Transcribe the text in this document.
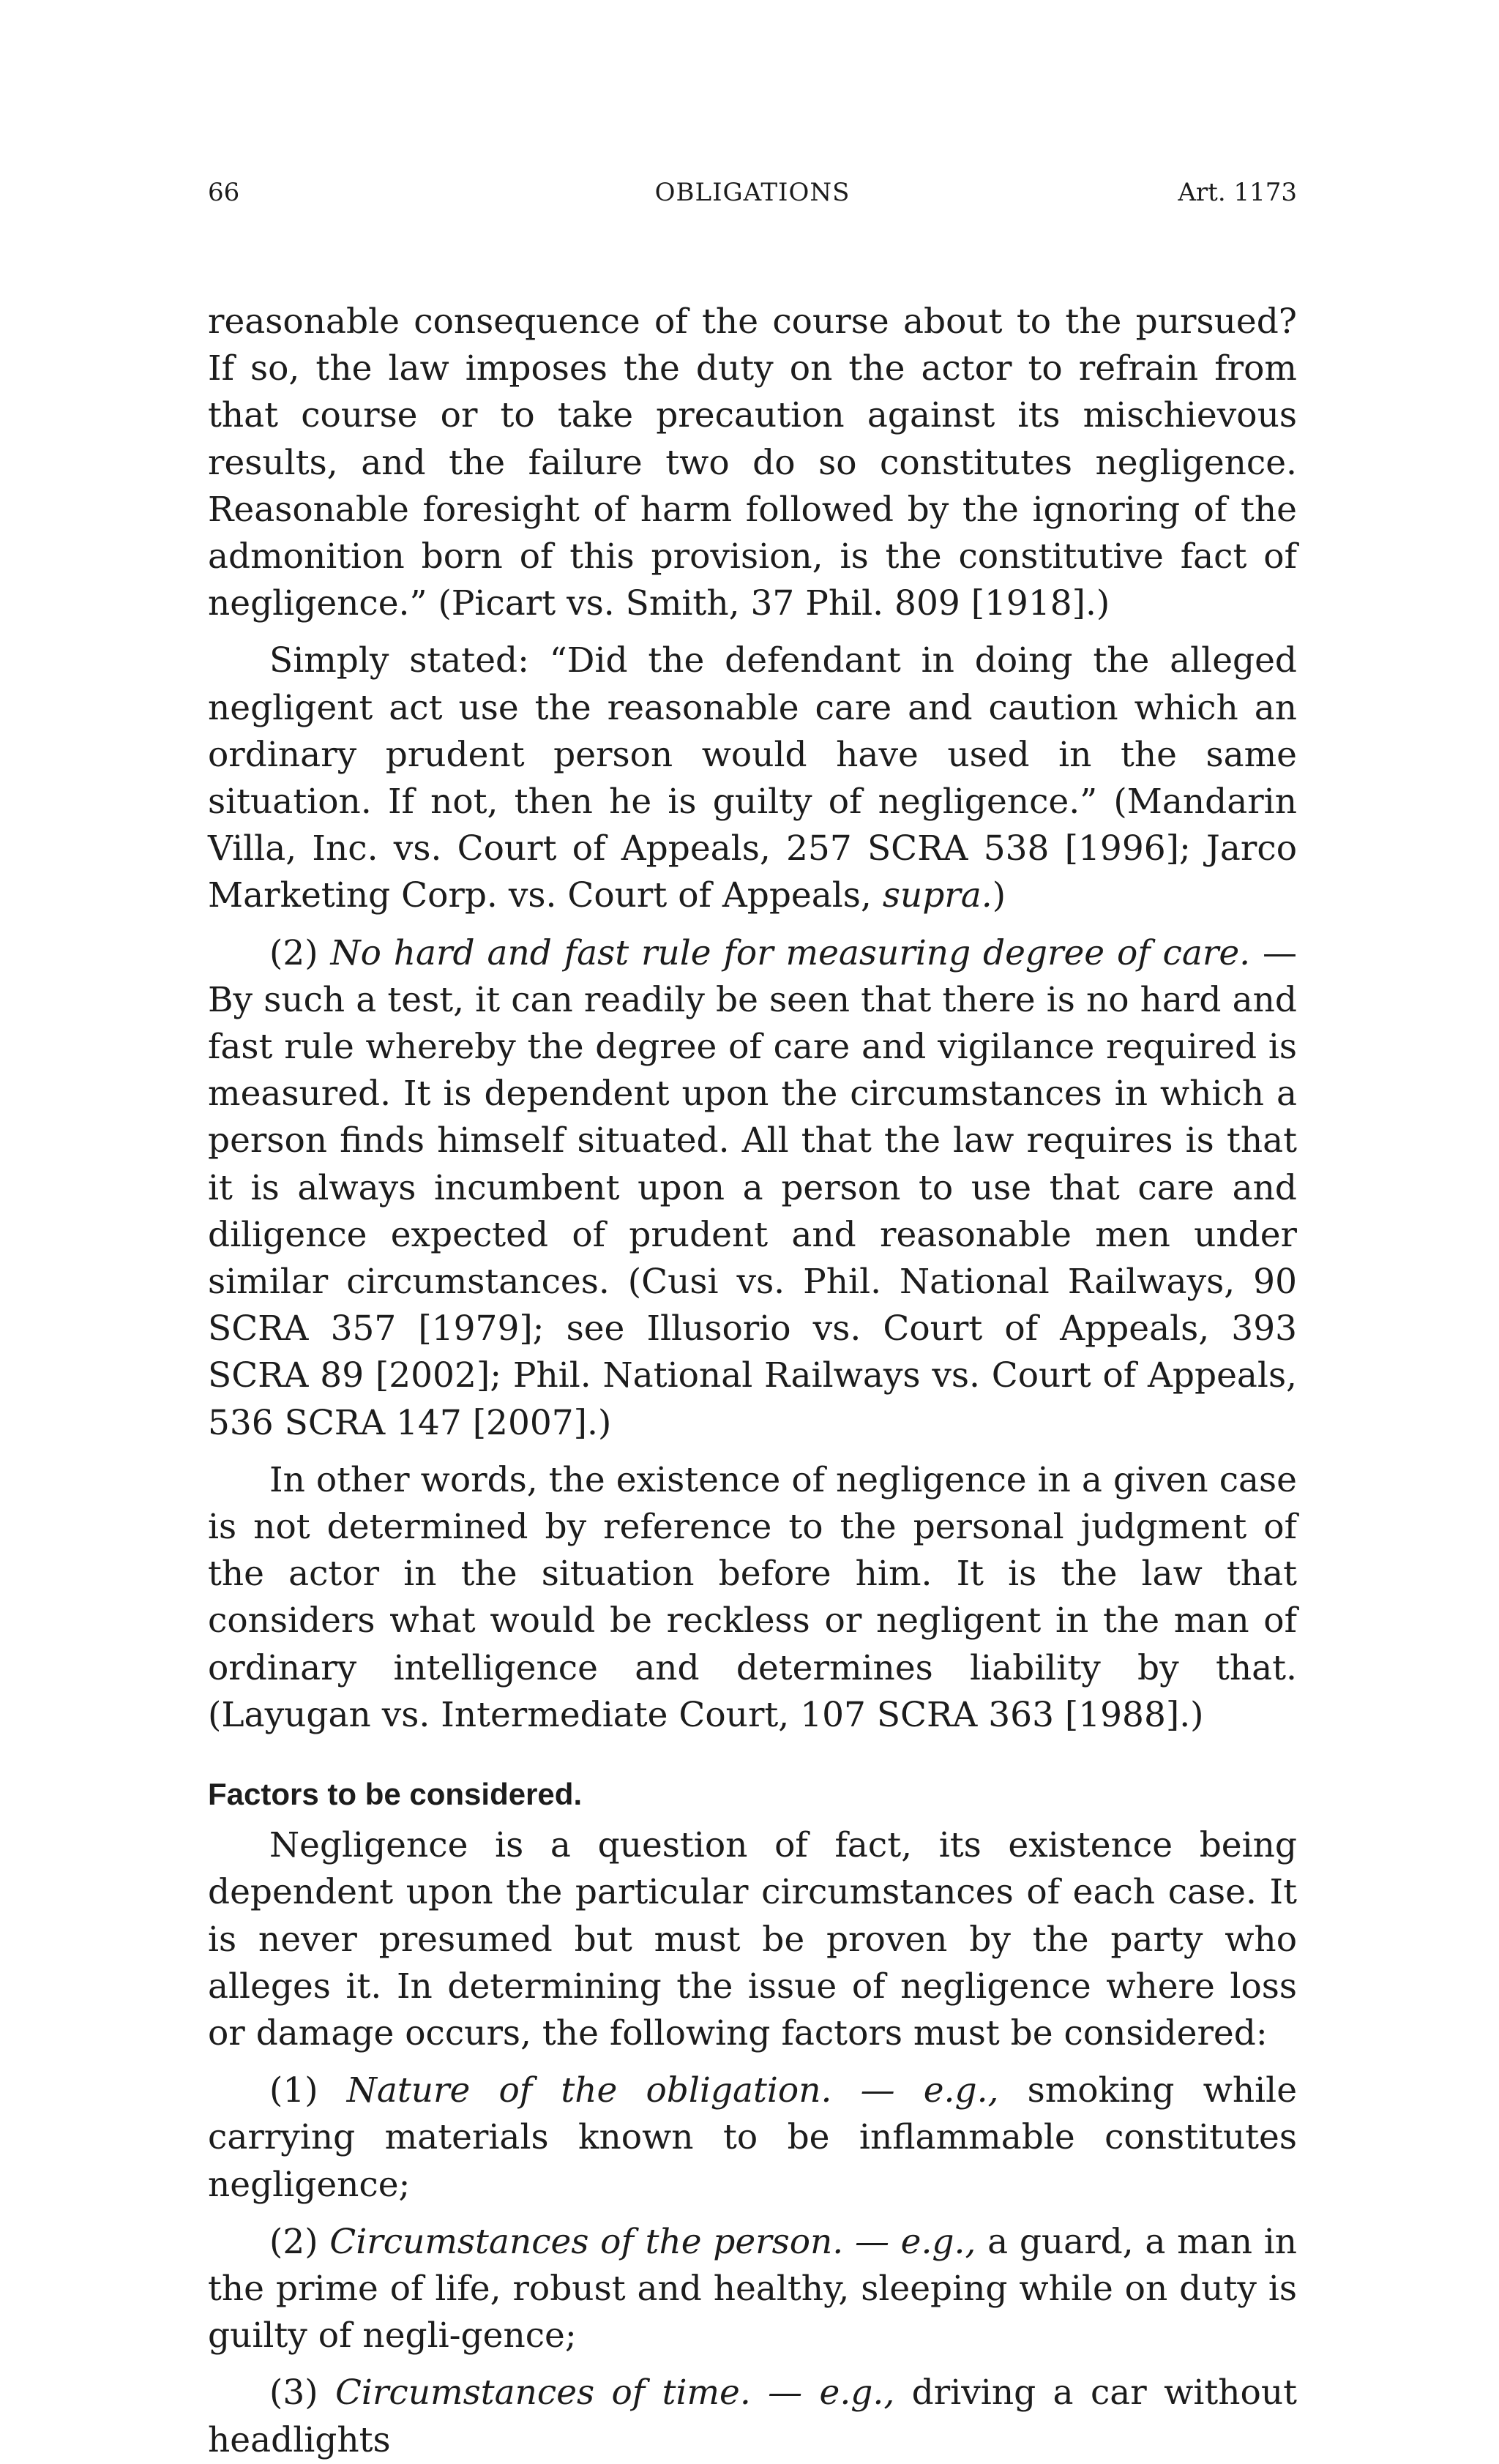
66	OBLIGATIONS	Art. 1173

reasonable consequence of the course about to the pursued? If so, the law imposes the duty on the actor to refrain from that course or to take precaution against its mischievous results, and the failure two do so constitutes negligence. Reasonable foresight of harm followed by the ignoring of the admonition born of this provision, is the constitutive fact of negligence.” (Picart vs. Smith, 37 Phil. 809 [1918].)

Simply stated: “Did the defendant in doing the alleged negligent act use the reasonable care and caution which an ordinary prudent person would have used in the same situation. If not, then he is guilty of negligence.” (Mandarin Villa, Inc. vs. Court of Appeals, 257 SCRA 538 [1996]; Jarco Marketing Corp. vs. Court of Appeals, supra.)

(2) No hard and fast rule for measuring degree of care. — By such a test, it can readily be seen that there is no hard and fast rule whereby the degree of care and vigilance required is measured. It is dependent upon the circumstances in which a person finds himself situated. All that the law requires is that it is always incumbent upon a person to use that care and diligence expected of prudent and reasonable men under similar circumstances. (Cusi vs. Phil. National Railways, 90 SCRA 357 [1979]; see Illusorio vs. Court of Appeals, 393 SCRA 89 [2002]; Phil. National Railways vs. Court of Appeals, 536 SCRA 147 [2007].)

In other words, the existence of negligence in a given case is not determined by reference to the personal judgment of the actor in the situation before him. It is the law that considers what would be reckless or negligent in the man of ordinary intelligence and determines liability by that. (Layugan vs. Intermediate Court, 107 SCRA 363 [1988].)

Factors to be considered.

Negligence is a question of fact, its existence being dependent upon the particular circumstances of each case. It is never presumed but must be proven by the party who alleges it. In determining the issue of negligence where loss or damage occurs, the following factors must be considered:

(1) Nature of the obligation. — e.g., smoking while carrying materials known to be inflammable constitutes negligence;

(2) Circumstances of the person. — e.g., a guard, a man in the prime of life, robust and healthy, sleeping while on duty is guilty of negli-gence;

(3) Circumstances of time. — e.g., driving a car without headlights
